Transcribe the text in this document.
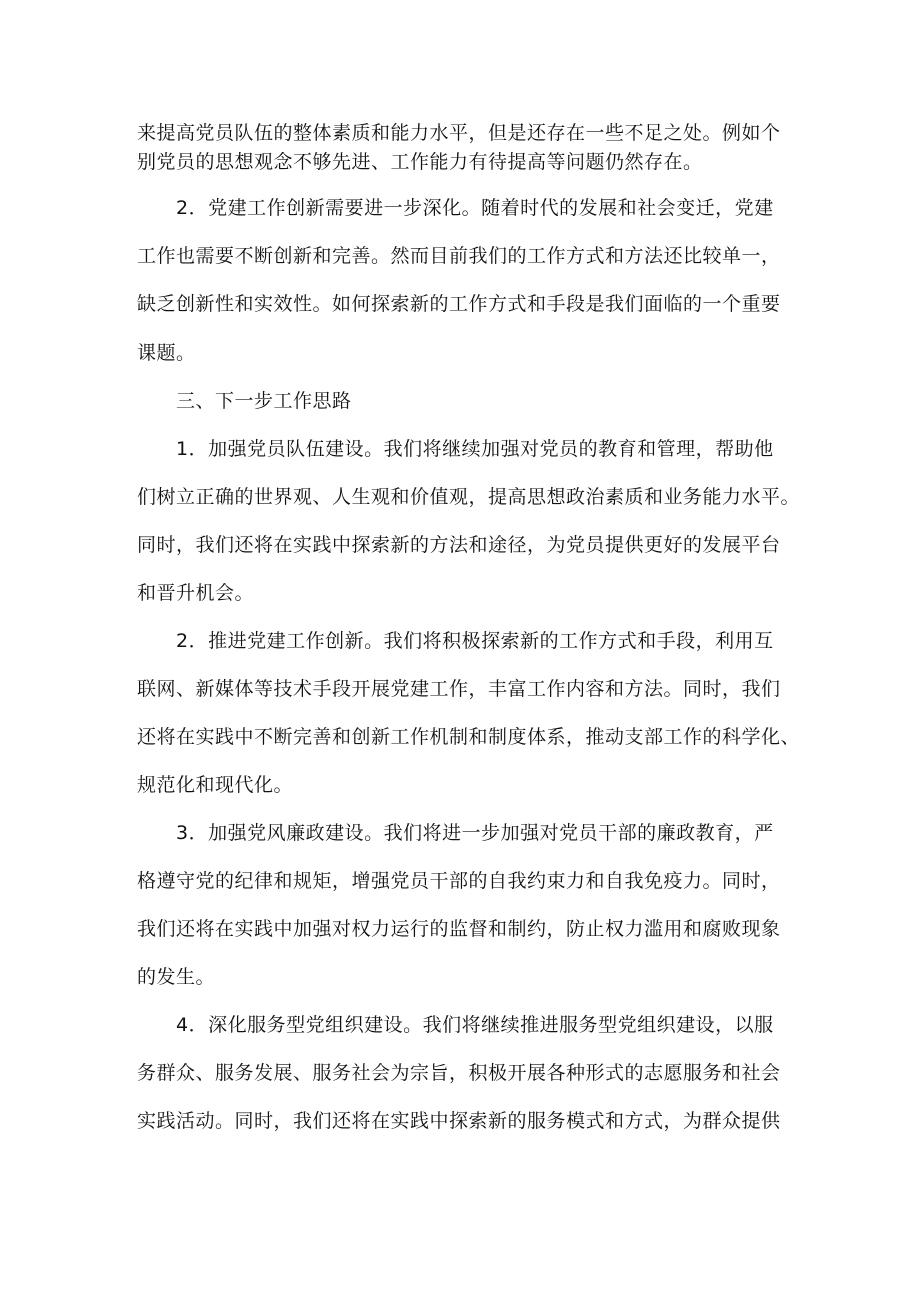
来提高党员队伍的整体素质和能力水平，但是还存在一些不足之处。例如个
别党员的思想观念不够先进、工作能力有待提高等问题仍然存在。
2．党建工作创新需要进一步深化。随着时代的发展和社会变迁，党建
工作也需要不断创新和完善。然而目前我们的工作方式和方法还比较单一，
缺乏创新性和实效性。如何探索新的工作方式和手段是我们面临的一个重要
课题。
三、下一步工作思路
1．加强党员队伍建设。我们将继续加强对党员的教育和管理，帮助他
们树立正确的世界观、人生观和价值观，提高思想政治素质和业务能力水平。
同时，我们还将在实践中探索新的方法和途径，为党员提供更好的发展平台
和晋升机会。
2．推进党建工作创新。我们将积极探索新的工作方式和手段，利用互
联网、新媒体等技术手段开展党建工作，丰富工作内容和方法。同时，我们
还将在实践中不断完善和创新工作机制和制度体系，推动支部工作的科学化、
规范化和现代化。
3．加强党风廉政建设。我们将进一步加强对党员干部的廉政教育，严
格遵守党的纪律和规矩，增强党员干部的自我约束力和自我免疫力。同时，
我们还将在实践中加强对权力运行的监督和制约，防止权力滥用和腐败现象
的发生。
4．深化服务型党组织建设。我们将继续推进服务型党组织建设，以服
务群众、服务发展、服务社会为宗旨，积极开展各种形式的志愿服务和社会
实践活动。同时，我们还将在实践中探索新的服务模式和方式，为群众提供
